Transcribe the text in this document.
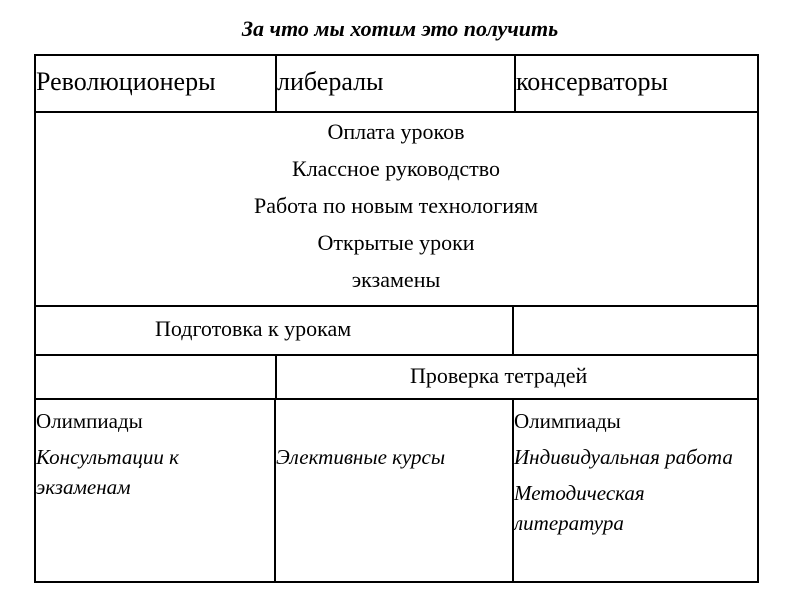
За что мы хотим это получить
Революционеры либералы	консерваторы
Оплата уроков
Классное руководство
Работа по новым технологиям
Открытые уроки
экзамены
Подготовка к урокам
Проверка тетрадей
Олимпиады
Консультации к экзаменам
Элективные курсы
Олимпиады
Индивидуальная работа
Методическая литература
